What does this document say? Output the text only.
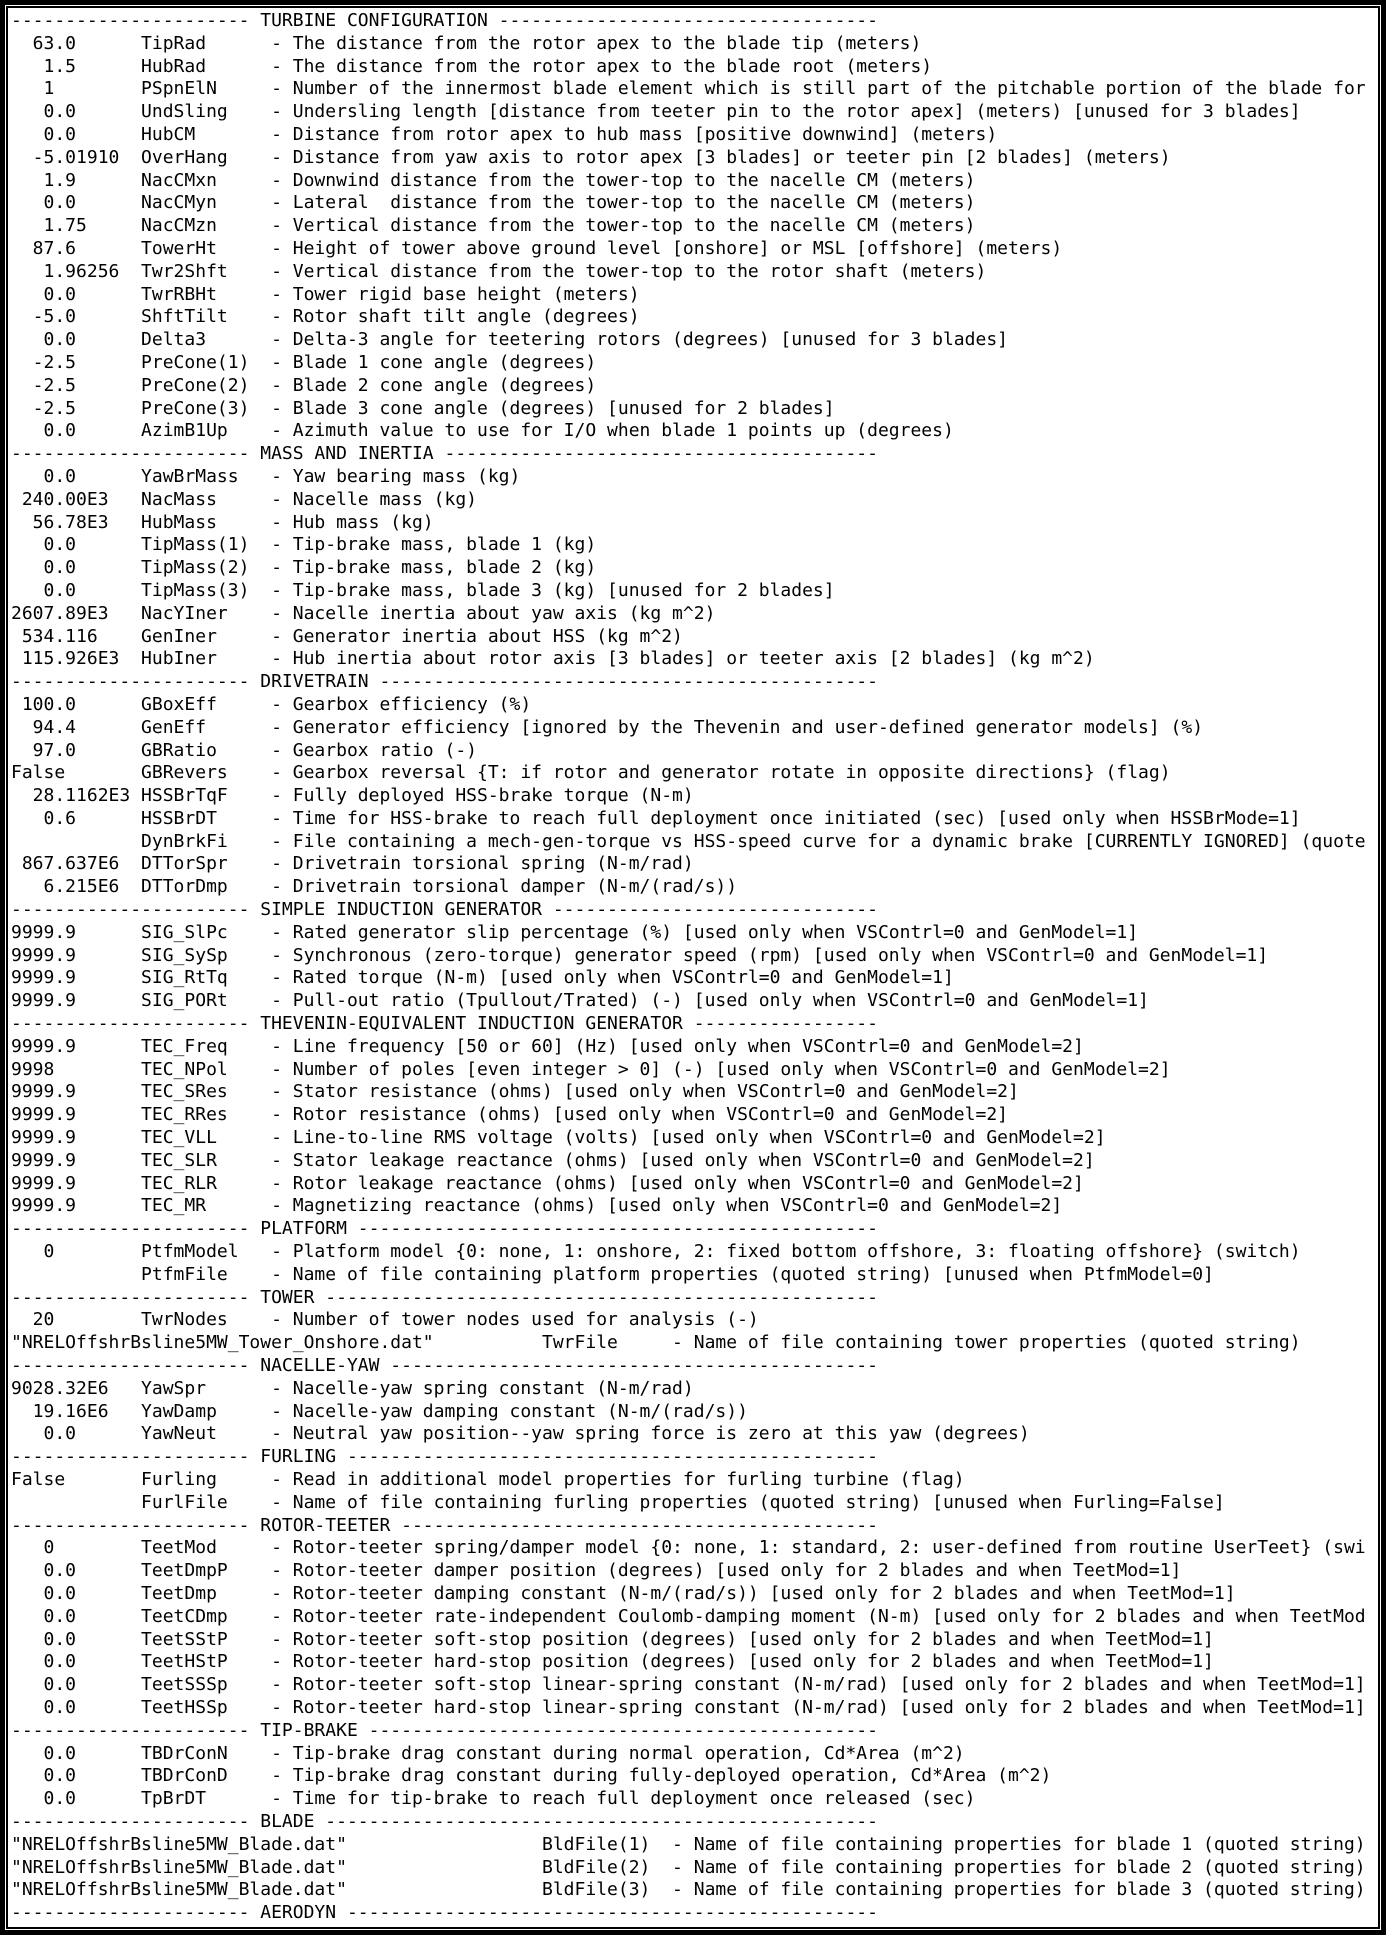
---------------------- TURBINE CONFIGURATION -----------------------------------
63.0      TipRad      - The distance from the rotor apex to the blade tip (meters)
1.5      HubRad      - The distance from the rotor apex to the blade root (meters)
1        PSpnElN     - Number of the innermost blade element which is still part of the pitchable portion of the blade for
0.0      UndSling    - Undersling length [distance from teeter pin to the rotor apex] (meters) [unused for 3 blades]
0.0      HubCM       - Distance from rotor apex to hub mass [positive downwind] (meters)
-5.01910  OverHang    - Distance from yaw axis to rotor apex [3 blades] or teeter pin [2 blades] (meters)
1.9      NacCMxn     - Downwind distance from the tower-top to the nacelle CM (meters)
0.0      NacCMyn     - Lateral  distance from the tower-top to the nacelle CM (meters)
1.75     NacCMzn     - Vertical distance from the tower-top to the nacelle CM (meters)
87.6      TowerHt     - Height of tower above ground level [onshore] or MSL [offshore] (meters)
1.96256  Twr2Shft    - Vertical distance from the tower-top to the rotor shaft (meters)
0.0      TwrRBHt     - Tower rigid base height (meters)
-5.0      ShftTilt    - Rotor shaft tilt angle (degrees)
0.0      Delta3      - Delta-3 angle for teetering rotors (degrees) [unused for 3 blades]
-2.5      PreCone(1)  - Blade 1 cone angle (degrees)
-2.5      PreCone(2)  - Blade 2 cone angle (degrees)
-2.5      PreCone(3)  - Blade 3 cone angle (degrees) [unused for 2 blades]
0.0      AzimB1Up    - Azimuth value to use for I/O when blade 1 points up (degrees)
---------------------- MASS AND INERTIA ----------------------------------------
0.0      YawBrMass   - Yaw bearing mass (kg)
240.00E3   NacMass     - Nacelle mass (kg)
56.78E3   HubMass     - Hub mass (kg)
0.0      TipMass(1)  - Tip-brake mass, blade 1 (kg)
0.0      TipMass(2)  - Tip-brake mass, blade 2 (kg)
0.0      TipMass(3)  - Tip-brake mass, blade 3 (kg) [unused for 2 blades]
2607.89E3   NacYIner    - Nacelle inertia about yaw axis (kg m^2)
534.116    GenIner     - Generator inertia about HSS (kg m^2)
115.926E3  HubIner     - Hub inertia about rotor axis [3 blades] or teeter axis [2 blades] (kg m^2)
---------------------- DRIVETRAIN ----------------------------------------------
100.0      GBoxEff     - Gearbox efficiency (%)
94.4      GenEff      - Generator efficiency [ignored by the Thevenin and user-defined generator models] (%)
97.0      GBRatio     - Gearbox ratio (-)
False       GBRevers    - Gearbox reversal {T: if rotor and generator rotate in opposite directions} (flag)
28.1162E3 HSSBrTqF    - Fully deployed HSS-brake torque (N-m)
0.6      HSSBrDT     - Time for HSS-brake to reach full deployment once initiated (sec) [used only when HSSBrMode=1]
DynBrkFi    - File containing a mech-gen-torque vs HSS-speed curve for a dynamic brake [CURRENTLY IGNORED] (quote
867.637E6  DTTorSpr    - Drivetrain torsional spring (N-m/rad)
6.215E6  DTTorDmp    - Drivetrain torsional damper (N-m/(rad/s))
---------------------- SIMPLE INDUCTION GENERATOR ------------------------------
9999.9      SIG_SlPc    - Rated generator slip percentage (%) [used only when VSContrl=0 and GenModel=1]
9999.9      SIG_SySp    - Synchronous (zero-torque) generator speed (rpm) [used only when VSContrl=0 and GenModel=1]
9999.9      SIG_RtTq    - Rated torque (N-m) [used only when VSContrl=0 and GenModel=1]
9999.9      SIG_PORt    - Pull-out ratio (Tpullout/Trated) (-) [used only when VSContrl=0 and GenModel=1]
---------------------- THEVENIN-EQUIVALENT INDUCTION GENERATOR -----------------
9999.9      TEC_Freq    - Line frequency [50 or 60] (Hz) [used only when VSContrl=0 and GenModel=2]
9998        TEC_NPol    - Number of poles [even integer > 0] (-) [used only when VSContrl=0 and GenModel=2]
9999.9      TEC_SRes    - Stator resistance (ohms) [used only when VSContrl=0 and GenModel=2]
9999.9      TEC_RRes    - Rotor resistance (ohms) [used only when VSContrl=0 and GenModel=2]
9999.9      TEC_VLL     - Line-to-line RMS voltage (volts) [used only when VSContrl=0 and GenModel=2]
9999.9      TEC_SLR     - Stator leakage reactance (ohms) [used only when VSContrl=0 and GenModel=2]
9999.9      TEC_RLR     - Rotor leakage reactance (ohms) [used only when VSContrl=0 and GenModel=2]
9999.9      TEC_MR      - Magnetizing reactance (ohms) [used only when VSContrl=0 and GenModel=2]
---------------------- PLATFORM ------------------------------------------------
0        PtfmModel   - Platform model {0: none, 1: onshore, 2: fixed bottom offshore, 3: floating offshore} (switch)
PtfmFile    - Name of file containing platform properties (quoted string) [unused when PtfmModel=0]
---------------------- TOWER ---------------------------------------------------
20        TwrNodes    - Number of tower nodes used for analysis (-)
"NRELOffshrBsline5MW_Tower_Onshore.dat"          TwrFile     - Name of file containing tower properties (quoted string)
---------------------- NACELLE-YAW ---------------------------------------------
9028.32E6   YawSpr      - Nacelle-yaw spring constant (N-m/rad)
19.16E6   YawDamp     - Nacelle-yaw damping constant (N-m/(rad/s))
0.0      YawNeut     - Neutral yaw position--yaw spring force is zero at this yaw (degrees)
---------------------- FURLING -------------------------------------------------
False       Furling     - Read in additional model properties for furling turbine (flag)
FurlFile    - Name of file containing furling properties (quoted string) [unused when Furling=False]
---------------------- ROTOR-TEETER --------------------------------------------
0        TeetMod     - Rotor-teeter spring/damper model {0: none, 1: standard, 2: user-defined from routine UserTeet} (swi
0.0      TeetDmpP    - Rotor-teeter damper position (degrees) [used only for 2 blades and when TeetMod=1]
0.0      TeetDmp     - Rotor-teeter damping constant (N-m/(rad/s)) [used only for 2 blades and when TeetMod=1]
0.0      TeetCDmp    - Rotor-teeter rate-independent Coulomb-damping moment (N-m) [used only for 2 blades and when TeetMod
0.0      TeetSStP    - Rotor-teeter soft-stop position (degrees) [used only for 2 blades and when TeetMod=1]
0.0      TeetHStP    - Rotor-teeter hard-stop position (degrees) [used only for 2 blades and when TeetMod=1]
0.0      TeetSSSp    - Rotor-teeter soft-stop linear-spring constant (N-m/rad) [used only for 2 blades and when TeetMod=1]
0.0      TeetHSSp    - Rotor-teeter hard-stop linear-spring constant (N-m/rad) [used only for 2 blades and when TeetMod=1]
---------------------- TIP-BRAKE -----------------------------------------------
0.0      TBDrConN    - Tip-brake drag constant during normal operation, Cd*Area (m^2)
0.0      TBDrConD    - Tip-brake drag constant during fully-deployed operation, Cd*Area (m^2)
0.0      TpBrDT      - Time for tip-brake to reach full deployment once released (sec)
---------------------- BLADE ---------------------------------------------------
"NRELOffshrBsline5MW_Blade.dat"                  BldFile(1)  - Name of file containing properties for blade 1 (quoted string)
"NRELOffshrBsline5MW_Blade.dat"                  BldFile(2)  - Name of file containing properties for blade 2 (quoted string)
"NRELOffshrBsline5MW_Blade.dat"                  BldFile(3)  - Name of file containing properties for blade 3 (quoted string)
---------------------- AERODYN -------------------------------------------------
